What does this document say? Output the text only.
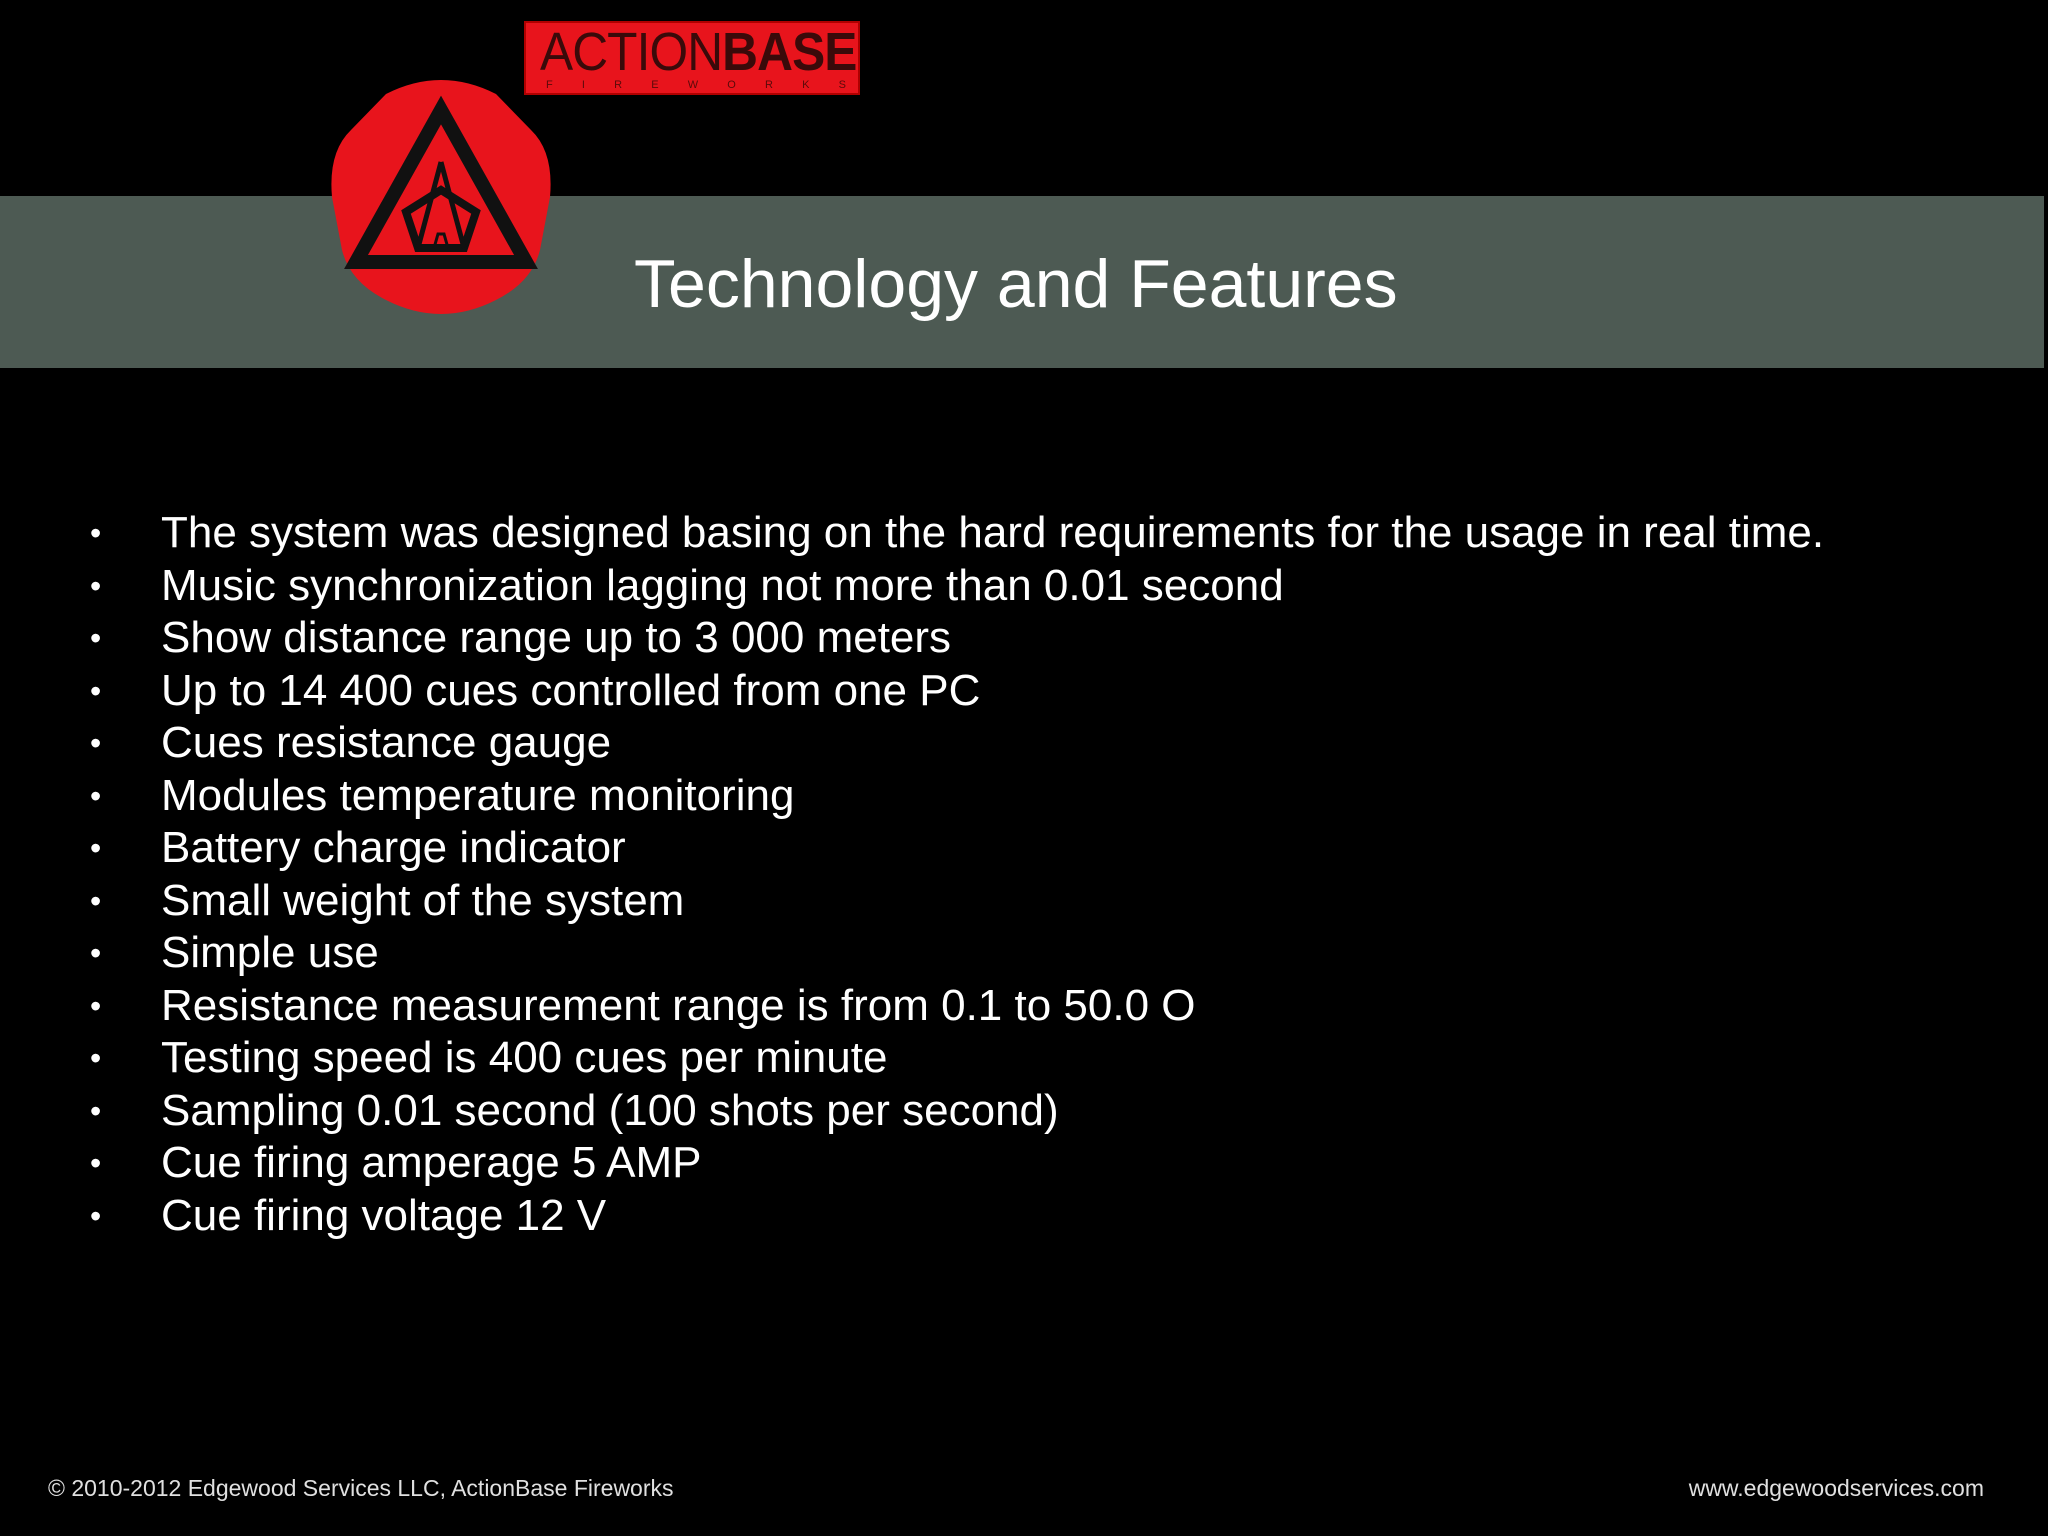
Technology and Features
ACTIONBASE
F	I	R	E	W	O	R	K	S
• The system was designed basing on the hard requirements for the usage in real time.
• Music synchronization lagging not more than 0.01 second
• Show distance range up to 3 000 meters
• Up to 14 400 cues controlled from one PC
• Cues resistance gauge
• Modules temperature monitoring
• Battery charge indicator
• Small weight of the system
• Simple use
• Resistance measurement range is from 0.1 to 50.0 O
• Testing speed is 400 cues per minute
• Sampling 0.01 second (100 shots per second)
• Cue firing amperage 5 AMP
• Cue firing voltage 12 V
© 2010-2012 Edgewood Services LLC, ActionBase Fireworks	www.edgewoodservices.com
